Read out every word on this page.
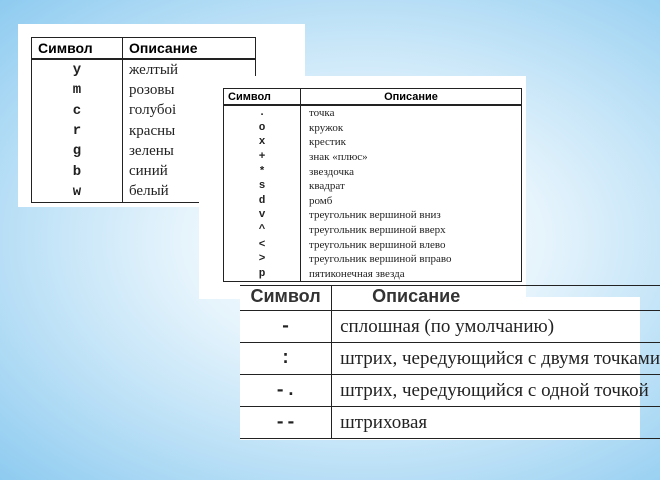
Символ	Описание
y	желтый
m	розовы
c	голубоi
r	красны
g	зелены
b	синий
w	белый
Символ	Описание
.	точка
o	кружок
x	крестик
+	знак «плюс»
*	звездочка
s	квадрат
d	ромб
v	треугольник вершиной вниз
^	треугольник вершиной вверх
<	треугольник вершиной влево
>	треугольник вершиной вправо
p	пятиконечная звезда
Символ	Описание
-	сплошная (по умолчанию)
:	штрих, чередующийся с двумя точками
-.	штрих, чередующийся с одной точкой
--	штриховая
